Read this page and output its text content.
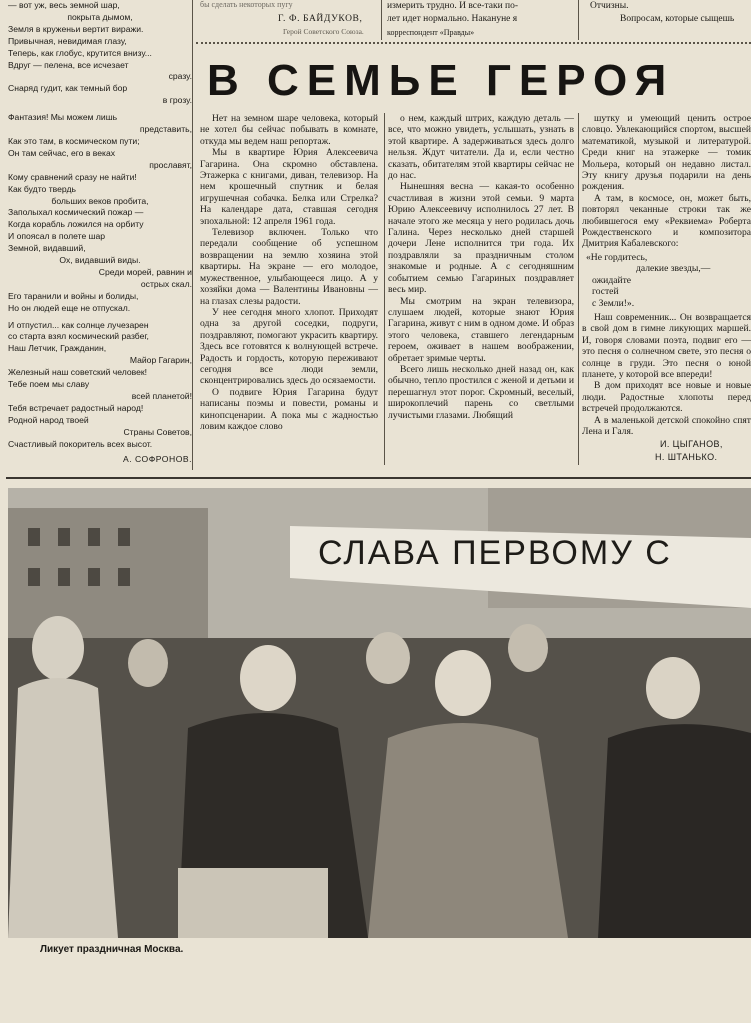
бы сделать некоторых пугу
Г. Ф. БАЙДУКОВ,
Герой Советского Союза.
измерить трудно. И все-таки по-
лет идет нормально. Накануне я
корреспондент «Правды»
Отчизны.
Вопросам, которые сыщешь
— вот уж, весь земной шар,
покрыта дымом,
Земля в круженьи вертит виражи.
Привычная, невидимая глазу,
Теперь, как глобус, крутится внизу...
Вдруг — пелена, все исчезает
сразу.
Снаряд гудит, как темный бор
в грозу.
Фантазия! Мы можем лишь
представить,
Как это там, в космическом пути;
Он там сейчас, его в веках
прославят,
Кому сравнений сразу не найти!
Как будто твердь
больших веков пробита,
Заполыхал космический пожар —
Когда корабль ложился на орбиту
И опоясал в полете шар
Земной, видавший,
Ох, видавший виды.
Среди морей, равнин и
острых скал.
Его таранили и войны и болиды,
Но он людей еще не отпускал.
И отпустил... как солнце лучезарен
со старта взял космический разбег,
Наш Летчик, Гражданин,
Майор Гагарин,
Железный наш советский человек!
Тебе поем мы славу
всей планетой!
Тебя встречает радостный народ!
Родной народ твоей
Страны Советов,
Счастливый покоритель всех высот.
А. СОФРОНОВ.
В СЕМЬЕ ГЕРОЯ

Нет на земном шаре человека, который не хотел бы сейчас побывать в комнате, откуда мы ведем наш репортаж.

Мы в квартире Юрия Алексеевича Гагарина. Она скромно обставлена. Этажерка с книгами, диван, телевизор. На нем крошечный спутник и белая игрушечная собачка. Белка или Стрелка? На календаре дата, ставшая сегодня эпохальной: 12 апреля 1961 года.

Телевизор включен. Только что передали сообщение об успешном возвращении на землю хозяина этой квартиры. На экране — его молодое, мужественное, улыбающееся лицо. А у хозяйки дома — Валентины Ивановны — на глазах слезы радости.

У нее сегодня много хлопот. Приходят одна за другой соседки, подруги, поздравляют, помогают украсить квартиру. Здесь все готовятся к волнующей встрече. Радость и гордость, которую переживают сегодня все люди земли, сконцентрировались здесь до осязаемости.

О подвиге Юрия Гагарина будут написаны поэмы и повести, романы и кинопсценарии. А пока мы с жадностью ловим каждое слово

о нем, каждый штрих, каждую деталь — все, что можно увидеть, услышать, узнать в этой квартире. А задерживаться здесь долго нельзя. Ждут читатели. Да и, если честно сказать, обитателям этой квартиры сейчас не до нас.

Нынешняя весна — какая-то особенно счастливая в жизни этой семьи. 9 марта Юрию Алексеевичу исполнилось 27 лет. В начале этого же месяца у него родилась дочь Галина. Через несколько дней старшей дочери Лене исполнится три года. Их поздравляли за праздничным столом знакомые и родные. А с сегодняшним событием семью Гагариных поздравляет весь мир.

Мы смотрим на экран телевизора, слушаем людей, которые знают Юрия Гагарина, живут с ним в одном доме. И образ этого человека, ставшего легендарным героем, оживает в нашем воображении, обретает зримые черты.

Всего лишь несколько дней назад он, как обычно, тепло простился с женой и детьми и перешагнул этот порог. Скромный, веселый, широкоплечий парень со светлыми лучистыми глазами. Любящий

шутку и умеющий ценить острое словцо. Увлекающийся спортом, высшей математикой, музыкой и литературой. Среди книг на этажерке — томик Мольера, который он недавно листал. Эту книгу друзья подарили на день рождения.

А там, в космосе, он, может быть, повторял чеканные строки так же любившегося ему «Реквиема» Роберта Рождественского и композитора Дмитрия Кабалевского:

«Не гордитесь,
далекие звезды,—
ожидайте
гостей
с Земли!».

Наш современник... Он возвращается в свой дом в гимне ликующих маршей. И, говоря словами поэта, подвиг его — это песня о солнечном свете, это песня о солнце в груди. Это песня о юной планете, у которой все впереди!

В дом приходят все новые и новые люди. Радостные хлопоты перед встречей продолжаются.

А в маленькой детской спокойно спят Лена и Галя.

И. ЦЫГАНОВ,
Н. ШТАНЬКО.
СЛАВА ПЕРВОМУ С
Ликует праздничная Москва.
